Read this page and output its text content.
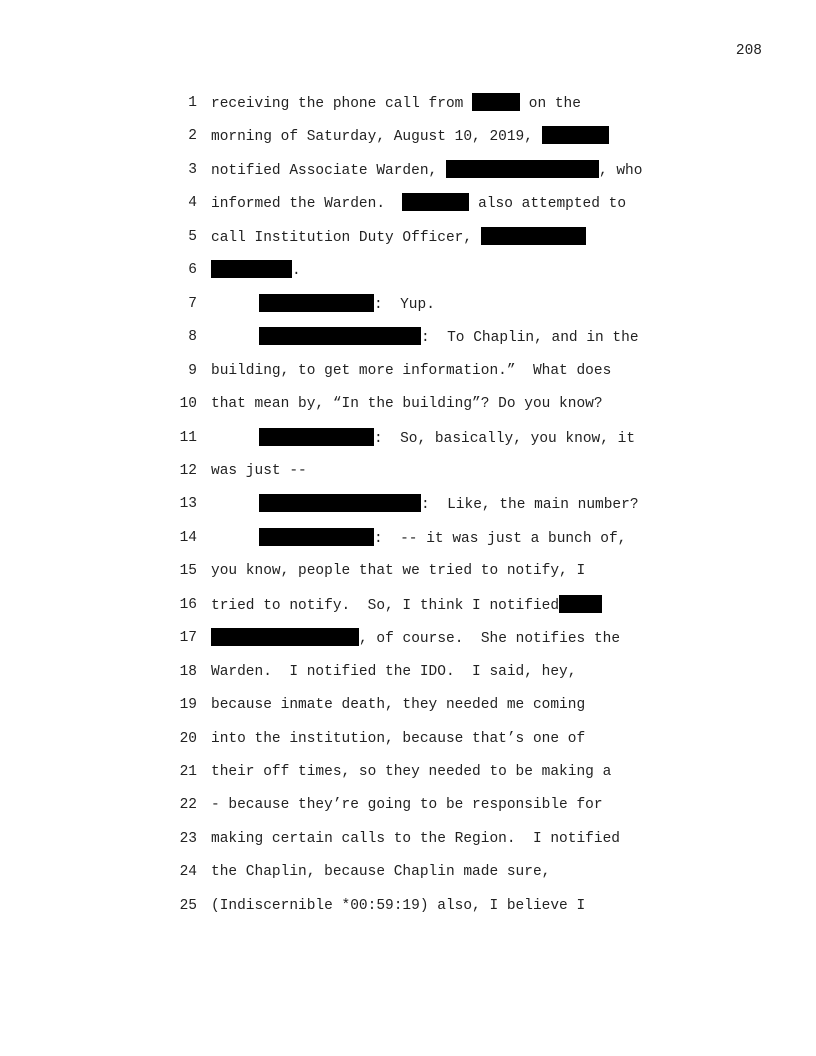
208
1 receiving the phone call from	on the
2 morning of Saturday, August 10, 2019,
3 notified Associate Warden,	, who
4 informed the Warden.	also attempted to
5 call Institution Duty Officer,
6	.
7	:  Yup.
8	:  To Chaplin, and in the
9 building, to get more information.”  What does
10 that mean by, “In the building”? Do you know?
11	:  So, basically, you know, it
12 was just --
13	:  Like, the main number?
14	:  -- it was just a bunch of,
15 you know, people that we tried to notify, I
16 tried to notify.  So, I think I notified
17	, of course.  She notifies the
18 Warden.  I notified the IDO.  I said, hey,
19 because inmate death, they needed me coming
20 into the institution, because that’s one of
21 their off times, so they needed to be making a
22 - because they’re going to be responsible for
23 making certain calls to the Region.  I notified
24 the Chaplin, because Chaplin made sure,
25 (Indiscernible *00:59:19) also, I believe I
